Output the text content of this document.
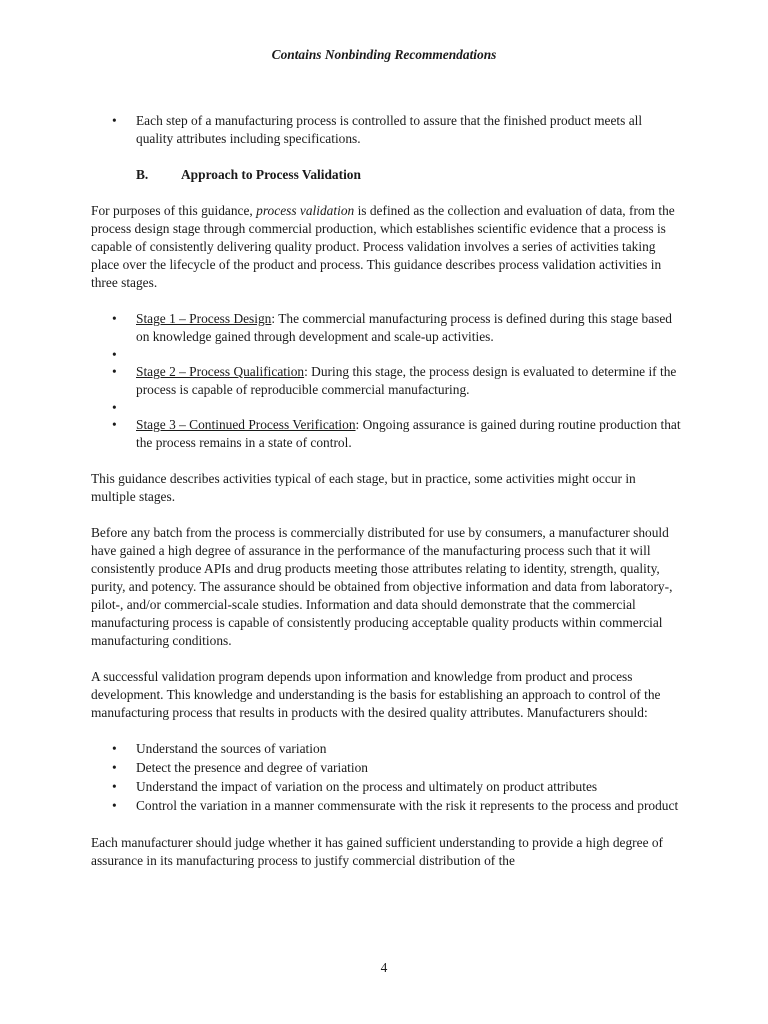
Contains Nonbinding Recommendations
• Each step of a manufacturing process is controlled to assure that the finished product meets all quality attributes including specifications.
B. Approach to Process Validation

For purposes of this guidance, process validation is defined as the collection and evaluation of data, from the process design stage through commercial production, which establishes scientific evidence that a process is capable of consistently delivering quality product. Process validation involves a series of activities taking place over the lifecycle of the product and process. This guidance describes process validation activities in three stages.

• Stage 1 – Process Design: The commercial manufacturing process is defined during this stage based on knowledge gained through development and scale-up activities.
•
• Stage 2 – Process Qualification: During this stage, the process design is evaluated to determine if the process is capable of reproducible commercial manufacturing.
•
• Stage 3 – Continued Process Verification: Ongoing assurance is gained during routine production that the process remains in a state of control.

This guidance describes activities typical of each stage, but in practice, some activities might occur in multiple stages.

Before any batch from the process is commercially distributed for use by consumers, a manufacturer should have gained a high degree of assurance in the performance of the manufacturing process such that it will consistently produce APIs and drug products meeting those attributes relating to identity, strength, quality, purity, and potency. The assurance should be obtained from objective information and data from laboratory-, pilot-, and/or commercial-scale studies. Information and data should demonstrate that the commercial manufacturing process is capable of consistently producing acceptable quality products within commercial manufacturing conditions.

A successful validation program depends upon information and knowledge from product and process development. This knowledge and understanding is the basis for establishing an approach to control of the manufacturing process that results in products with the desired quality attributes. Manufacturers should:

• Understand the sources of variation
• Detect the presence and degree of variation
• Understand the impact of variation on the process and ultimately on product attributes
• Control the variation in a manner commensurate with the risk it represents to the process and product

Each manufacturer should judge whether it has gained sufficient understanding to provide a high degree of assurance in its manufacturing process to justify commercial distribution of the

4
